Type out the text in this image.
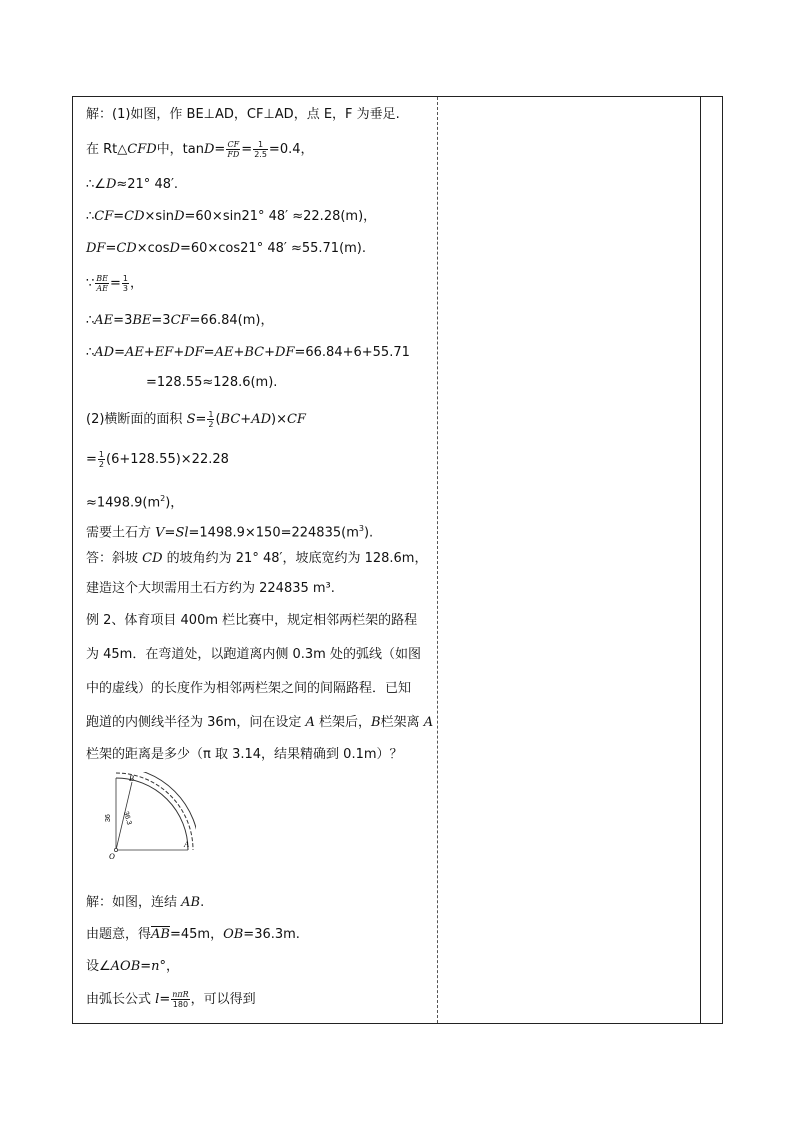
解：(1)如图，作 BE⊥AD，CF⊥AD，点 E，F 为垂足.
在 Rt△CFD中，$\tan D= \frac{CF}{FD} = \frac{1}{2.5} =0.4$，
∴∠D≈21° 48′.
∴CF=CD×sinD=60×sin21° 48′ ≈22.28(m)，
DF=CD×cosD=60×cos21° 48′ ≈55.71(m).
∵ $\frac{BE}{AE} = \frac{1}{3}$ ，
∴AE=3BE=3CF=66.84(m)，
∴AD=AE+EF+DF=AE+BC+DF=66.84+6+55.71
=128.55≈128.6(m).
(2)横断面的面积 $S= \frac{1}{2} (BC+AD)\times CF$
= $\frac{1}{2} (6+128.55)\times 22.28$
$\approx 1498.9(m^2)$，
需要土石方 $V=Sl=1498.9\times 150=224835(m^3)$.
答：斜坡 CD 的坡角约为 21° 48′，坡底宽约为 128.6m，
建造这个大坝需用土石方约为 224835 m³.
例 2、体育项目 400m 栏比赛中，规定相邻两栏架的路程
为 45m．在弯道处，以跑道离内侧 0.3m 处的弧线（如图
中的虚线）的长度作为相邻两栏架之间的间隔路程．已知
跑道的内侧线半径为 36m，问在设定 A 栏架后，B栏架离 A
栏架的距离是多少（π 取 3.14，结果精确到 0.1m）？
解：如图，连结 AB.
由题意，得$\overline{AB}=45m$，OB=36.3m.
设∠AOB=n°，
由弧长公式 $l= \frac{\text{nπR}}{180}$ ，可以得到
B
A
O
36 36.3
